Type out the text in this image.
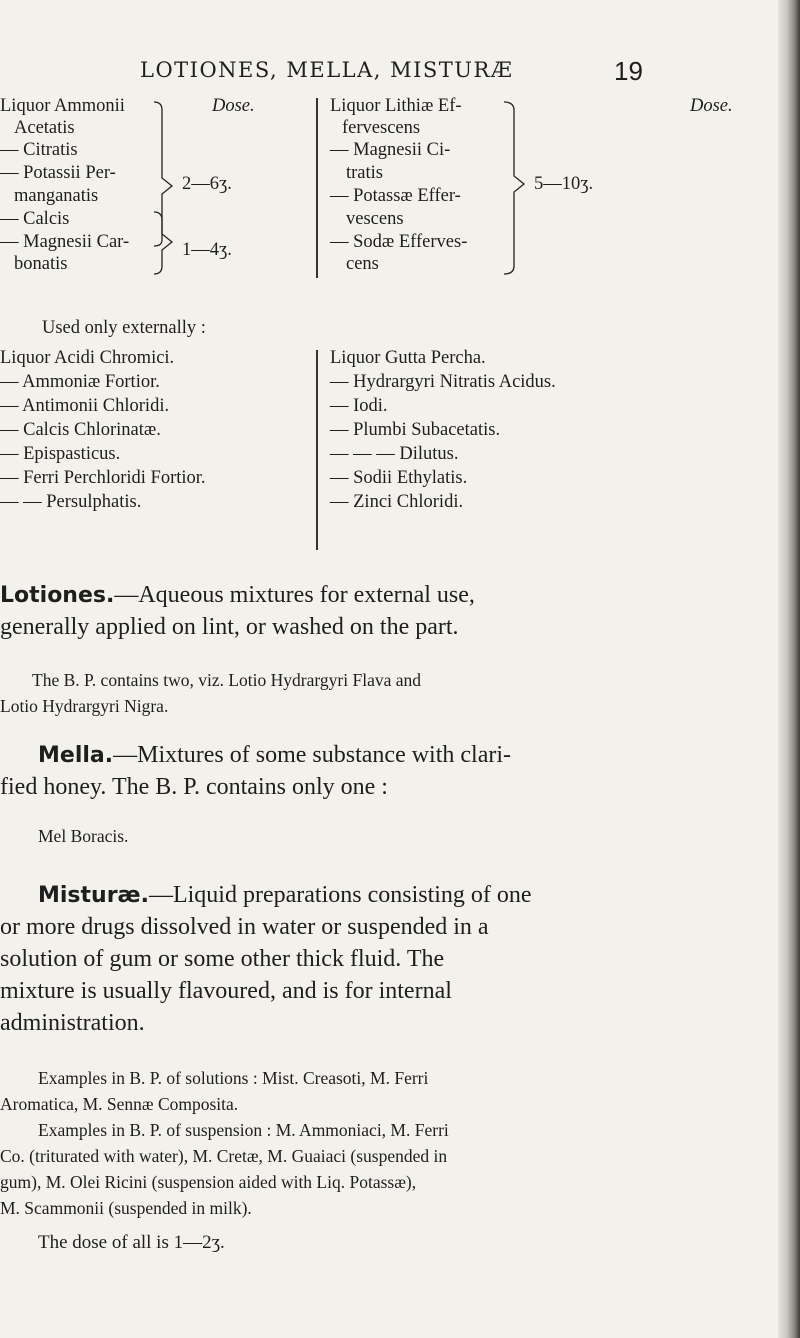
LOTIONES, MELLA, MISTURÆ	19
Liquor Ammonii
Acetatis
— Citratis
— Potassii Per-
manganatis
— Calcis
— Magnesii Car-
bonatis
Dose.
2—6ʒ.
1—4ʒ.
Liquor Lithiæ Ef-
fervescens
— Magnesii Ci-
tratis
— Potassæ Effer-
vescens
— Sodæ Efferves-
cens
Dose.
5—10ʒ.
Used only externally :
Liquor Acidi Chromici.
— Ammoniæ Fortior.
— Antimonii Chloridi.
— Calcis Chlorinatæ.
— Epispasticus.
— Ferri Perchloridi Fortior.
— — Persulphatis.
Liquor Gutta Percha.
— Hydrargyri Nitratis Acidus.
— Iodi.
— Plumbi Subacetatis.
— — — Dilutus.
— Sodii Ethylatis.
— Zinci Chloridi.
Lotiones.—Aqueous mixtures for external use,
generally applied on lint, or washed on the part.
The B. P. contains two, viz. Lotio Hydrargyri Flava and
Lotio Hydrargyri Nigra.
Mella.—Mixtures of some substance with clari-
fied honey. The B. P. contains only one :
Mel Boracis.
Misturæ.—Liquid preparations consisting of one
or more drugs dissolved in water or suspended in a
solution of gum or some other thick fluid. The
mixture is usually flavoured, and is for internal
administration.
Examples in B. P. of solutions : Mist. Creasoti, M. Ferri
Aromatica, M. Sennæ Composita.
Examples in B. P. of suspension : M. Ammoniaci, M. Ferri
Co. (triturated with water), M. Cretæ, M. Guaiaci (suspended in
gum), M. Olei Ricini (suspension aided with Liq. Potassæ),
M. Scammonii (suspended in milk).
The dose of all is 1—2ʒ.
